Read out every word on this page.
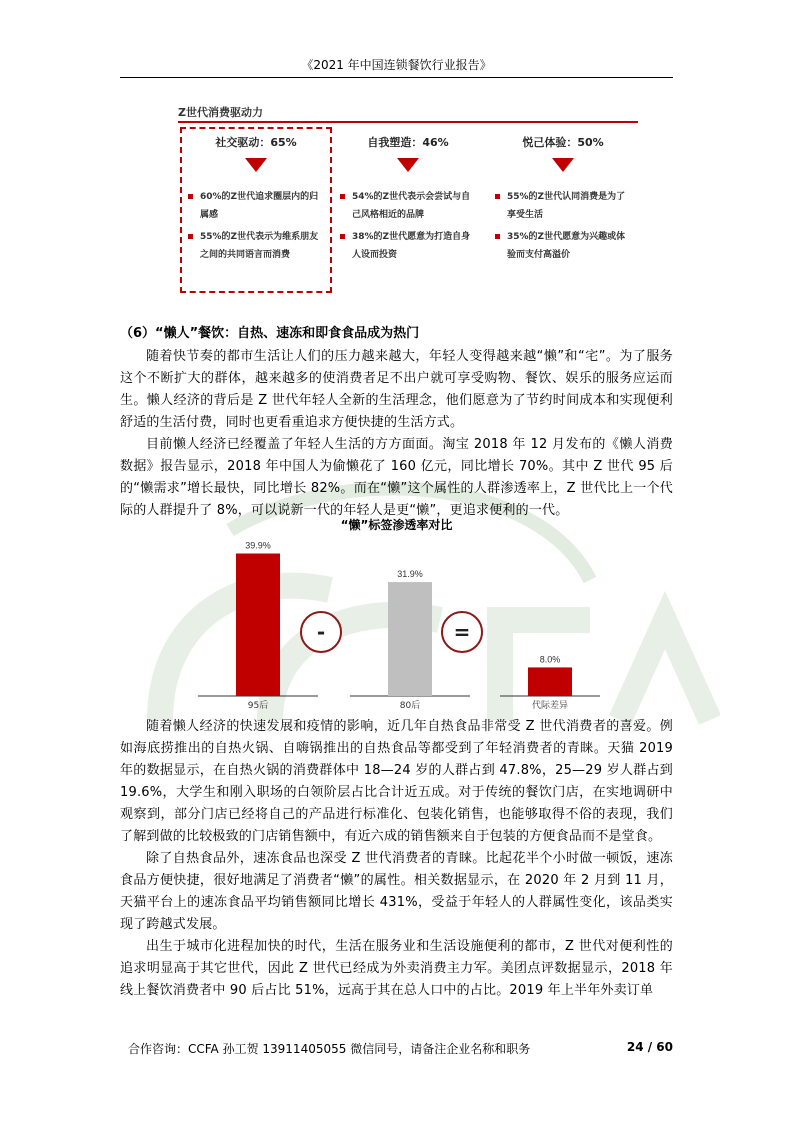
《2021 年中国连锁餐饮行业报告》
Z世代消费驱动力
社交驱动：65%
60%的Z世代追求圈层内的归属感
55%的Z世代表示为维系朋友之间的共同语言而消费
自我塑造：46%
54%的Z世代表示会尝试与自己风格相近的品牌
38%的Z世代愿意为打造自身人设而投资
悦己体验：50%
55%的Z世代认同消费是为了享受生活
35%的Z世代愿意为兴趣或体验而支付高溢价
（6）“懒人”餐饮：自热、速冻和即食食品成为热门

随着快节奏的都市生活让人们的压力越来越大，年轻人变得越来越“懒”和“宅”。为了服务这个不断扩大的群体，越来越多的使消费者足不出户就可享受购物、餐饮、娱乐的服务应运而生。懒人经济的背后是 Z 世代年轻人全新的生活理念，他们愿意为了节约时间成本和实现便利舒适的生活付费，同时也更看重追求方便快捷的生活方式。

目前懒人经济已经覆盖了年轻人生活的方方面面。淘宝 2018 年 12 月发布的《懒人消费数据》报告显示，2018 年中国人为偷懒花了 160 亿元，同比增长 70%。其中 Z 世代 95 后的“懒需求”增长最快，同比增长 82%。而在“懒”这个属性的人群渗透率上，Z 世代比上一个代际的人群提升了 8%，可以说新一代的年轻人是更“懒”，更追求便利的一代。

“懒”标签渗透率对比
39.9%
95后
31.9%
80后
8.0%
代际差异
-	=

随着懒人经济的快速发展和疫情的影响，近几年自热食品非常受 Z 世代消费者的喜爱。例如海底捞推出的自热火锅、自嗨锅推出的自热食品等都受到了年轻消费者的青睐。天猫 2019 年的数据显示，在自热火锅的消费群体中 18—24 岁的人群占到 47.8%，25—29 岁人群占到 19.6%，大学生和刚入职场的白领阶层占比合计近五成。对于传统的餐饮门店，在实地调研中观察到，部分门店已经将自己的产品进行标准化、包装化销售，也能够取得不俗的表现，我们了解到做的比较极致的门店销售额中，有近六成的销售额来自于包装的方便食品而不是堂食。

除了自热食品外，速冻食品也深受 Z 世代消费者的青睐。比起花半个小时做一顿饭，速冻食品方便快捷，很好地满足了消费者“懒”的属性。相关数据显示，在 2020 年 2 月到 11 月，天猫平台上的速冻食品平均销售额同比增长 431%，受益于年轻人的人群属性变化，该品类实现了跨越式发展。

出生于城市化进程加快的时代，生活在服务业和生活设施便利的都市，Z 世代对便利性的追求明显高于其它世代，因此 Z 世代已经成为外卖消费主力军。美团点评数据显示，2018 年线上餐饮消费者中 90 后占比 51%，远高于其在总人口中的占比。2019 年上半年外卖订单

合作咨询：CCFA 孙工贺 13911405055 微信同号，请备注企业名称和职务	24 / 60
